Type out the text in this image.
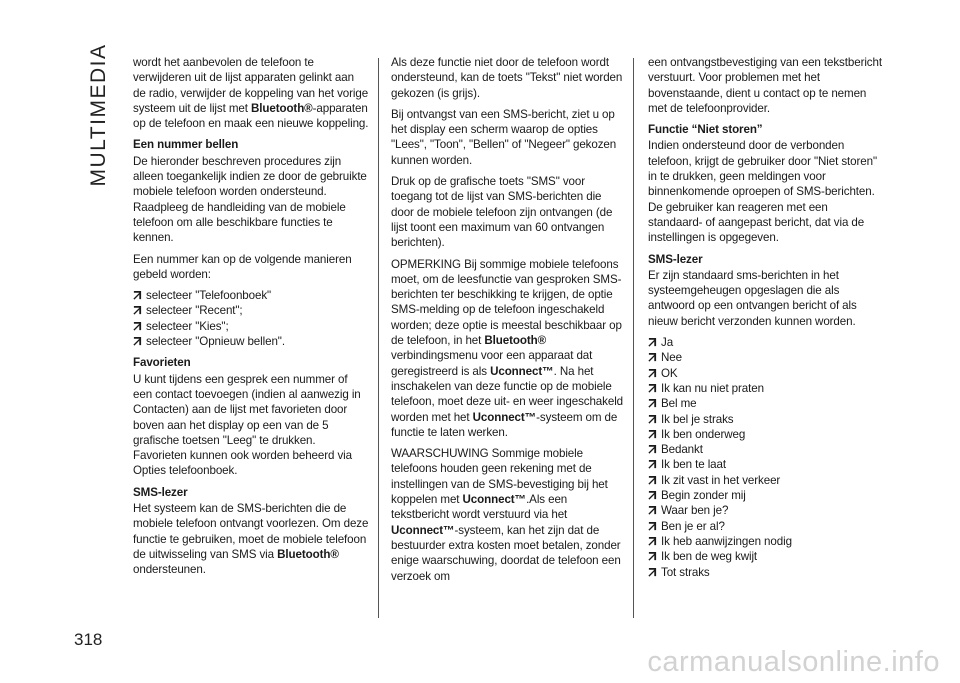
MULTIMEDIA wordt het aanbevolen de telefoon te verwijderen uit de lijst apparaten gelinkt aan de radio, verwijder de koppeling van het vorige systeem uit de lijst met Bluetooth®-apparaten op de telefoon en maak een nieuwe koppeling.

Een nummer bellen

De hieronder beschreven procedures zijn alleen toegankelijk indien ze door de gebruikte mobiele telefoon worden ondersteund. Raadpleeg de handleiding van de mobiele telefoon om alle beschikbare functies te kennen.

Een nummer kan op de volgende manieren gebeld worden:

selecteer "Telefoonboek"
selecteer "Recent";
selecteer "Kies";
selecteer "Opnieuw bellen".

Favorieten

U kunt tijdens een gesprek een nummer of een contact toevoegen (indien al aanwezig in Contacten) aan de lijst met favorieten door boven aan het display op een van de 5 grafische toetsen "Leeg" te drukken. Favorieten kunnen ook worden beheerd via Opties telefoonboek.

SMS-lezer

Het systeem kan de SMS-berichten die de mobiele telefoon ontvangt voorlezen. Om deze functie te gebruiken, moet de mobiele telefoon de uitwisseling van SMS via Bluetooth® ondersteunen.

Als deze functie niet door de telefoon wordt ondersteund, kan de toets "Tekst" niet worden gekozen (is grijs).

Bij ontvangst van een SMS-bericht, ziet u op het display een scherm waarop de opties "Lees", "Toon", "Bellen" of "Negeer" gekozen kunnen worden.

Druk op de grafische toets "SMS" voor toegang tot de lijst van SMS-berichten die door de mobiele telefoon zijn ontvangen (de lijst toont een maximum van 60 ontvangen berichten).

OPMERKING Bij sommige mobiele telefoons moet, om de leesfunctie van gesproken SMS-berichten ter beschikking te krijgen, de optie SMS-melding op de telefoon ingeschakeld worden; deze optie is meestal beschikbaar op de telefoon, in het Bluetooth® verbindingsmenu voor een apparaat dat geregistreerd is als Uconnect™. Na het inschakelen van deze functie op de mobiele telefoon, moet deze uit- en weer ingeschakeld worden met het Uconnect™-systeem om de functie te laten werken.

WAARSCHUWING Sommige mobiele telefoons houden geen rekening met de instellingen van de SMS-bevestiging bij het koppelen met Uconnect™.Als een tekstbericht wordt verstuurd via het Uconnect™-systeem, kan het zijn dat de bestuurder extra kosten moet betalen, zonder enige waarschuwing, doordat de telefoon een verzoek om

een ontvangstbevestiging van een tekstbericht verstuurt. Voor problemen met het bovenstaande, dient u contact op te nemen met de telefoonprovider.

Functie “Niet storen”

Indien ondersteund door de verbonden telefoon, krijgt de gebruiker door "Niet storen" in te drukken, geen meldingen voor binnenkomende oproepen of SMS-berichten. De gebruiker kan reageren met een standaard- of aangepast bericht, dat via de instellingen is opgegeven.

SMS-lezer

Er zijn standaard sms-berichten in het systeemgeheugen opgeslagen die als antwoord op een ontvangen bericht of als nieuw bericht verzonden kunnen worden.

Ja
Nee
OK
Ik kan nu niet praten
Bel me
Ik bel je straks
Ik ben onderweg
Bedankt
Ik ben te laat
Ik zit vast in het verkeer
Begin zonder mij
Waar ben je?
Ben je er al?
Ik heb aanwijzingen nodig
Ik ben de weg kwijt
Tot straks
318
carmanualsonline.info
